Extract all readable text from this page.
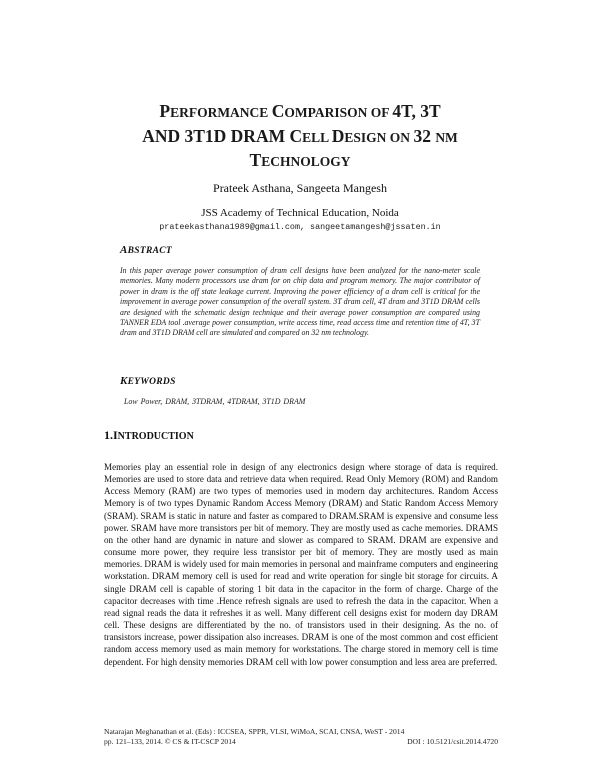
PERFORMANCE COMPARISON OF 4T, 3T
AND 3T1D DRAM CELL DESIGN ON 32 NM
TECHNOLOGY
Prateek Asthana, Sangeeta Mangesh
JSS Academy of Technical Education, Noida
prateekasthana1989@gmail.com, sangeetamangesh@jssaten.in
ABSTRACT
In this paper average power consumption of dram cell designs have been analyzed for the nano-meter scale memories. Many modern processors use dram for on chip data and program memory. The major contributor of power in dram is the off state leakage current. Improving the power efficiency of a dram cell is critical for the improvement in average power consumption of the overall system. 3T dram cell, 4T dram and 3T1D DRAM cells are designed with the schematic design technique and their average power consumption are compared using TANNER EDA tool .average power consumption, write access time, read access time and retention time of 4T, 3T dram and 3T1D DRAM cell are simulated and compared on 32 nm technology.
KEYWORDS
Low Power, DRAM, 3TDRAM, 4TDRAM, 3T1D DRAM
1.INTRODUCTION

Memories play an essential role in design of any electronics design where storage of data is required. Memories are used to store data and retrieve data when required. Read Only Memory (ROM) and Random Access Memory (RAM) are two types of memories used in modern day architectures. Random Access Memory is of two types Dynamic Random Access Memory (DRAM) and Static Random Access Memory (SRAM). SRAM is static in nature and faster as compared to DRAM.SRAM is expensive and consume less power. SRAM have more transistors per bit of memory. They are mostly used as cache memories. DRAMS on the other hand are dynamic in nature and slower as compared to SRAM. DRAM are expensive and consume more power, they require less transistor per bit of memory. They are mostly used as main memories. DRAM is widely used for main memories in personal and mainframe computers and engineering workstation. DRAM memory cell is used for read and write operation for single bit storage for circuits. A single DRAM cell is capable of storing 1 bit data in the capacitor in the form of charge. Charge of the capacitor decreases with time .Hence refresh signals are used to refresh the data in the capacitor. When a read signal reads the data it refreshes it as well. Many different cell designs exist for modern day DRAM cell. These designs are differentiated by the no. of transistors used in their designing. As the no. of transistors increase, power dissipation also increases. DRAM is one of the most common and cost efficient random access memory used as main memory for workstations. The charge stored in memory cell is time dependent. For high density memories DRAM cell with low power consumption and less area are preferred.

Natarajan Meghanathan et al. (Eds) : ICCSEA, SPPR, VLSI, WiMoA, SCAI, CNSA, WeST - 2014
pp. 121–133, 2014. © CS & IT-CSCP 2014	DOI : 10.5121/csit.2014.4720
